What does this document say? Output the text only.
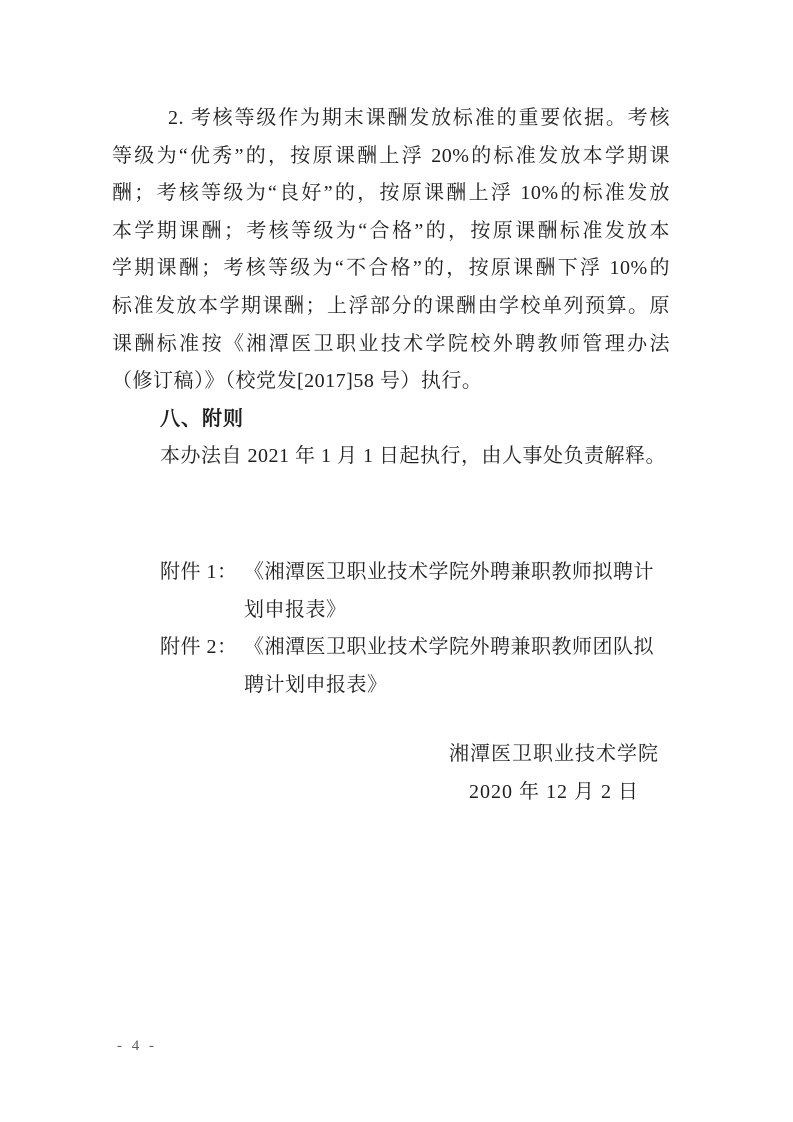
2. 考核等级作为期末课酬发放标准的重要依据。考核
等级为“优秀”的，按原课酬上浮 20%的标准发放本学期课
酬；考核等级为“良好”的，按原课酬上浮 10%的标准发放
本学期课酬；考核等级为“合格”的，按原课酬标准发放本
学期课酬；考核等级为“不合格”的，按原课酬下浮 10%的
标准发放本学期课酬；上浮部分的课酬由学校单列预算。原
课酬标准按《湘潭医卫职业技术学院校外聘教师管理办法
（修订稿）》（校党发[2017]58 号）执行。
八、附则
本办法自 2021 年 1 月 1 日起执行，由人事处负责解释。
附件 1： 《湘潭医卫职业技术学院外聘兼职教师拟聘计
划申报表》
附件 2： 《湘潭医卫职业技术学院外聘兼职教师团队拟
聘计划申报表》
湘潭医卫职业技术学院
2020 年 12 月 2 日
- 4 -
